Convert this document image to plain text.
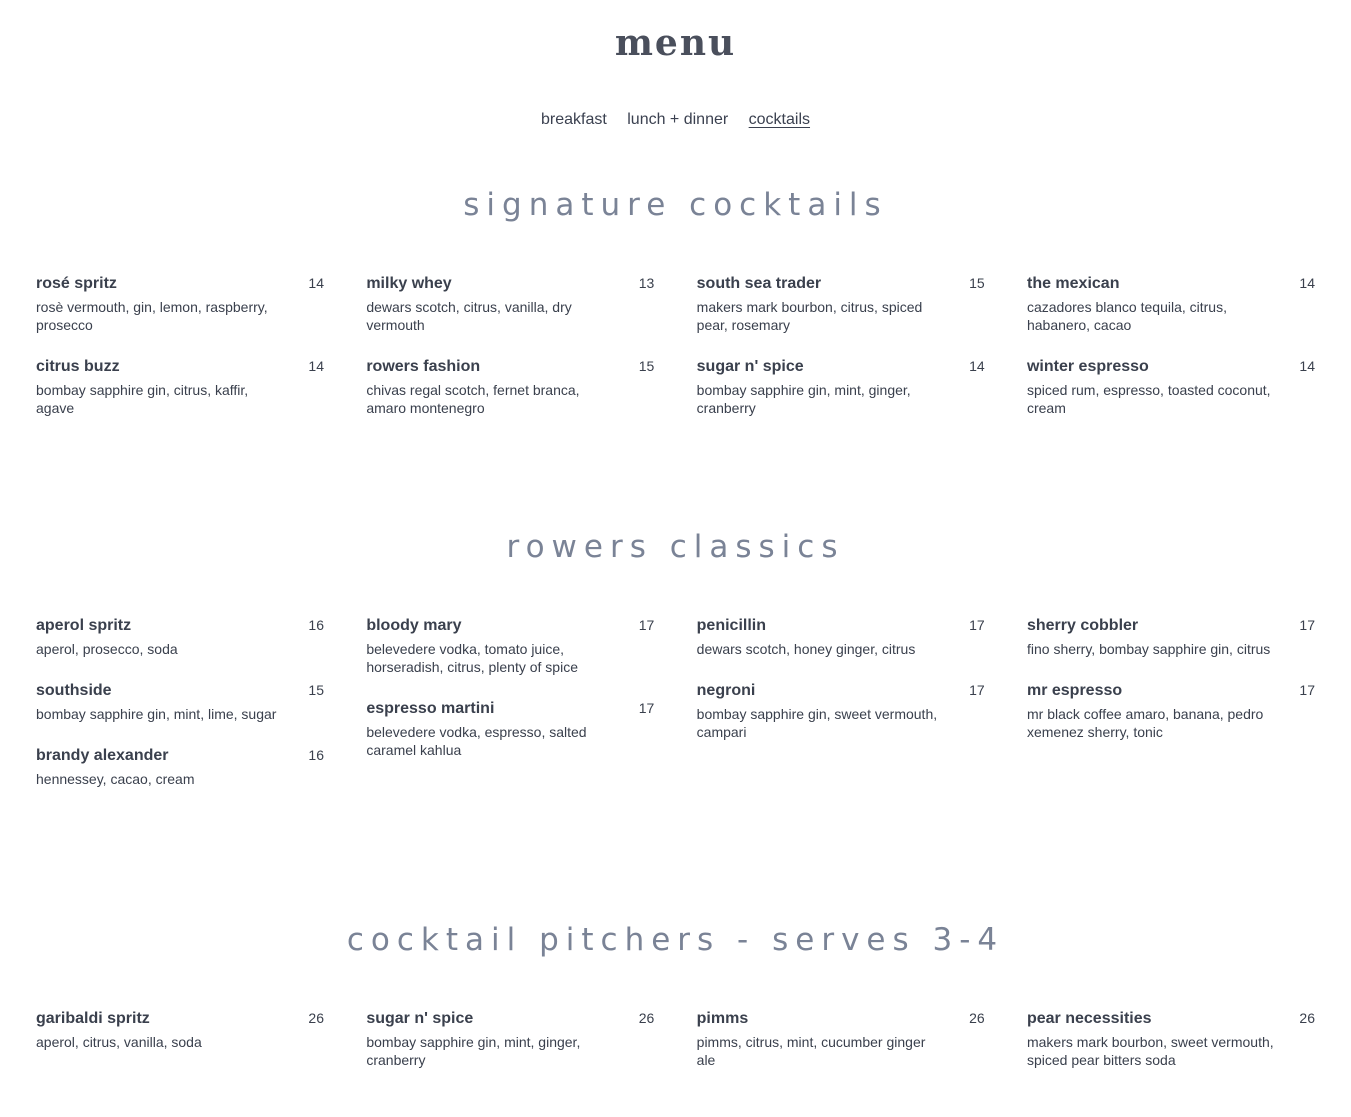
menu
breakfast lunch + dinner cocktails
signature cocktails
rosé spritz	14
rosè vermouth, gin, lemon, raspberry, prosecco
citrus buzz	14
bombay sapphire gin, citrus, kaffir, agave
milky whey	13
dewars scotch, citrus, vanilla, dry vermouth
rowers fashion	15
chivas regal scotch, fernet branca, amaro montenegro
south sea trader	15
makers mark bourbon, citrus, spiced pear, rosemary
sugar n' spice	14
bombay sapphire gin, mint, ginger, cranberry
the mexican	14
cazadores blanco tequila, citrus, habanero, cacao
winter espresso	14
spiced rum, espresso, toasted coconut, cream
rowers classics
aperol spritz	16
aperol, prosecco, soda
southside	15
bombay sapphire gin, mint, lime, sugar
brandy alexander	16
hennessey, cacao, cream
bloody mary	17
belevedere vodka, tomato juice, horseradish, citrus, plenty of spice
espresso martini	17
belevedere vodka, espresso, salted caramel kahlua
penicillin	17
dewars scotch, honey ginger, citrus
negroni	17
bombay sapphire gin, sweet vermouth, campari
sherry cobbler	17
fino sherry, bombay sapphire gin, citrus
mr espresso	17
mr black coffee amaro, banana, pedro xemenez sherry, tonic
cocktail pitchers - serves 3-4
garibaldi spritz	26
aperol, citrus, vanilla, soda
sugar n' spice	26
bombay sapphire gin, mint, ginger, cranberry
pimms	26
pimms, citrus, mint, cucumber ginger ale
pear necessities	26
makers mark bourbon, sweet vermouth, spiced pear bitters soda
